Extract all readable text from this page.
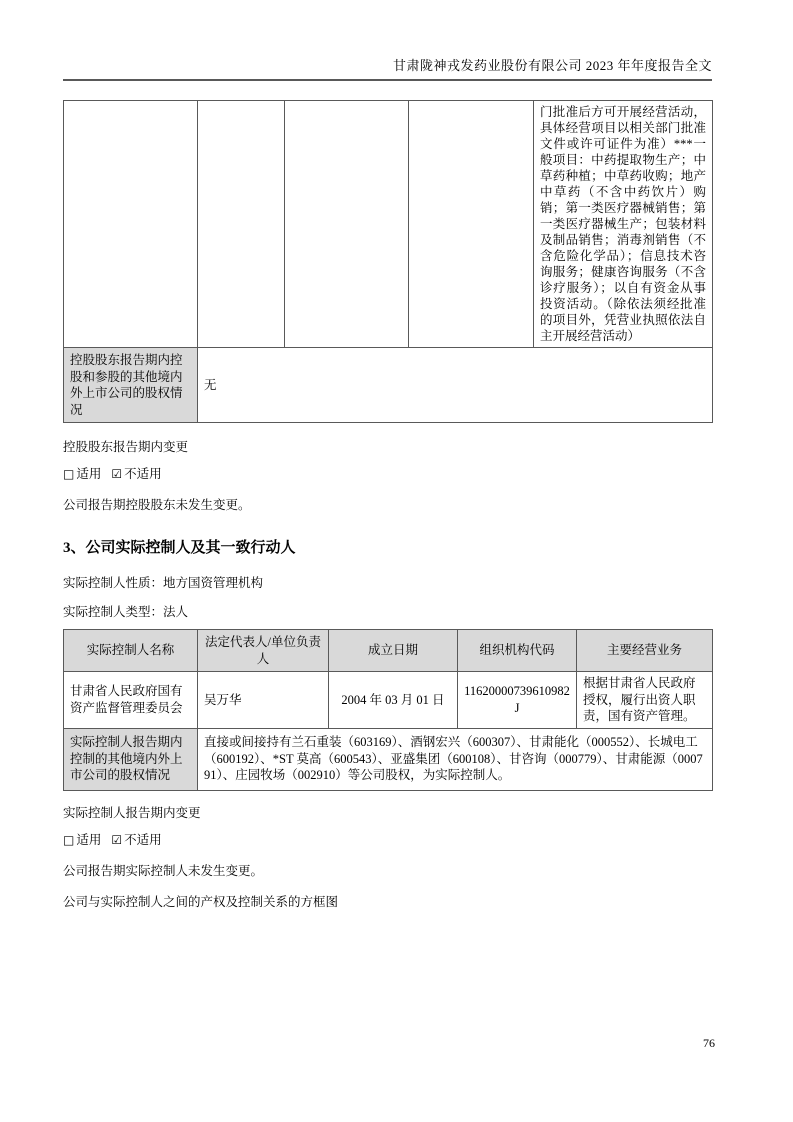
甘肃陇神戎发药业股份有限公司 2023 年年度报告全文
				门批准后方可开展经营活动，具体经营项目以相关部门批准文件或许可证件为准）***一般项目：中药提取物生产；中草药种植；中草药收购；地产中草药（不含中药饮片）购销；第一类医疗器械销售；第一类医疗器械生产；包装材料及制品销售；消毒剂销售（不含危险化学品）；信息技术咨询服务；健康咨询服务（不含诊疗服务）；以自有资金从事投资活动。（除依法须经批准的项目外，凭营业执照依法自主开展经营活动）
控股股东报告期内控股和参股的其他境内外上市公司的股权情况	无			
控股股东报告期内变更
□ 适用 ☑ 不适用
公司报告期控股股东未发生变更。
3、公司实际控制人及其一致行动人
实际控制人性质：地方国资管理机构
实际控制人类型：法人
实际控制人名称	法定代表人/单位负责人	成立日期	组织机构代码	主要经营业务
甘肃省人民政府国有资产监督管理委员会	吴万华	2004 年 03 月 01 日	11620000739610982J	根据甘肃省人民政府授权，履行出资人职责，国有资产管理。
实际控制人报告期内控制的其他境内外上市公司的股权情况	直接或间接持有兰石重装（603169）、酒钢宏兴（600307）、甘肃能化（000552）、长城电工（600192）、*ST 莫高（600543）、亚盛集团（600108）、甘咨询（000779）、甘肃能源（000791）、庄园牧场（002910）等公司股权，为实际控制人。			
实际控制人报告期内变更
□ 适用 ☑ 不适用
公司报告期实际控制人未发生变更。
公司与实际控制人之间的产权及控制关系的方框图
76
